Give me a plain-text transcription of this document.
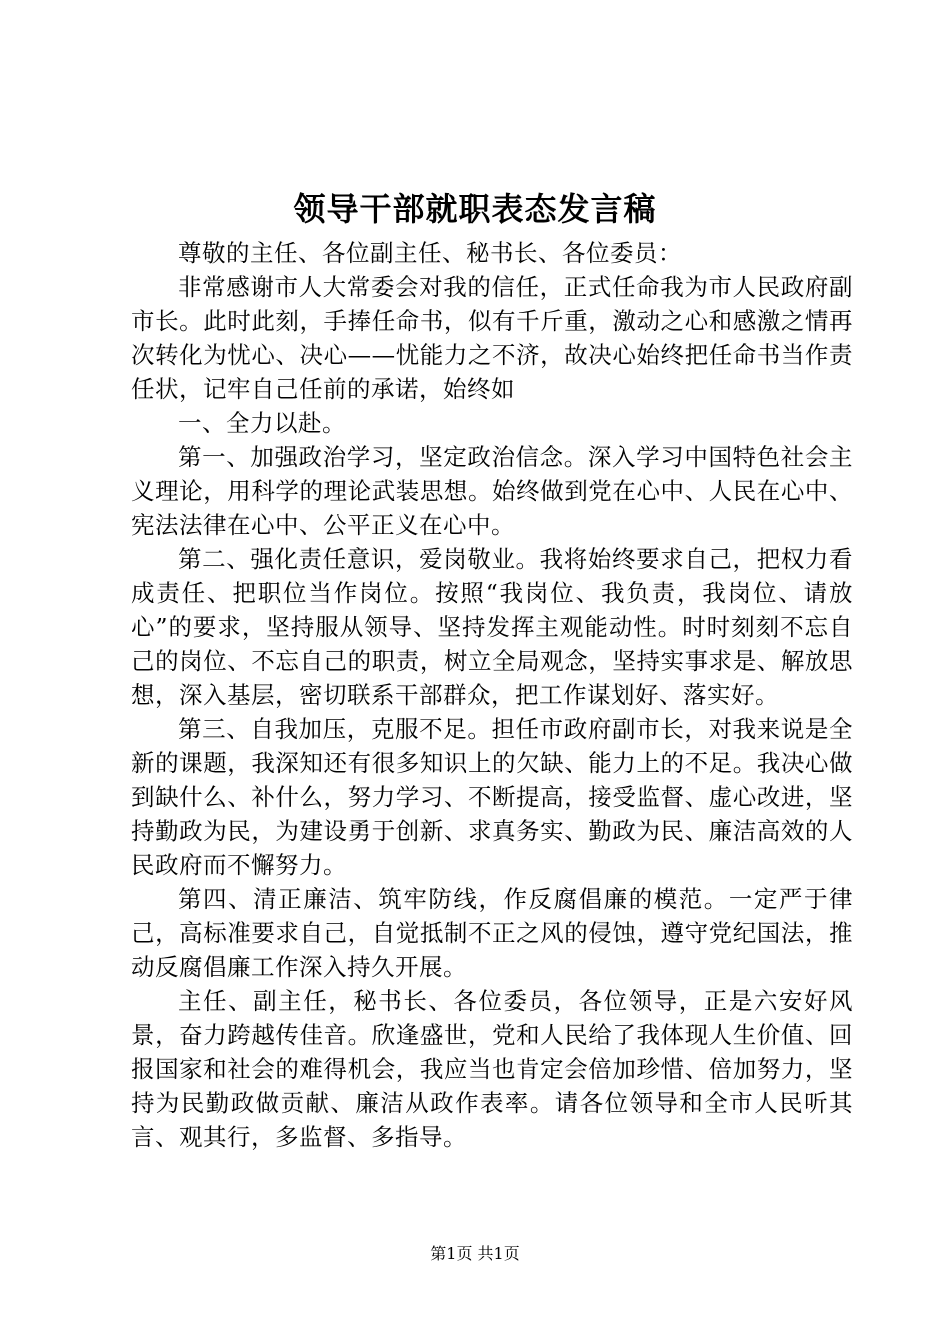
领导干部就职表态发言稿

尊敬的主任、各位副主任、秘书长、各位委员：

非常感谢市人大常委会对我的信任，正式任命我为市人民政府副市长。此时此刻，手捧任命书，似有千斤重，激动之心和感激之情再次转化为忧心、决心——忧能力之不济，故决心始终把任命书当作责任状，记牢自己任前的承诺，始终如

一、全力以赴。

第一、加强政治学习，坚定政治信念。深入学习中国特色社会主义理论，用科学的理论武装思想。始终做到党在心中、人民在心中、宪法法律在心中、公平正义在心中。

第二、强化责任意识，爱岗敬业。我将始终要求自己，把权力看成责任、把职位当作岗位。按照“我岗位、我负责，我岗位、请放心”的要求，坚持服从领导、坚持发挥主观能动性。时时刻刻不忘自己的岗位、不忘自己的职责，树立全局观念，坚持实事求是、解放思想，深入基层，密切联系干部群众，把工作谋划好、落实好。

第三、自我加压，克服不足。担任市政府副市长，对我来说是全新的课题，我深知还有很多知识上的欠缺、能力上的不足。我决心做到缺什么、补什么，努力学习、不断提高，接受监督、虚心改进，坚持勤政为民，为建设勇于创新、求真务实、勤政为民、廉洁高效的人民政府而不懈努力。

第四、清正廉洁、筑牢防线，作反腐倡廉的模范。一定严于律己，高标准要求自己，自觉抵制不正之风的侵蚀，遵守党纪国法，推动反腐倡廉工作深入持久开展。

主任、副主任，秘书长、各位委员，各位领导，正是六安好风景，奋力跨越传佳音。欣逢盛世，党和人民给了我体现人生价值、回报国家和社会的难得机会，我应当也肯定会倍加珍惜、倍加努力，坚持为民勤政做贡献、廉洁从政作表率。请各位领导和全市人民听其言、观其行，多监督、多指导。

第1页 共1页
